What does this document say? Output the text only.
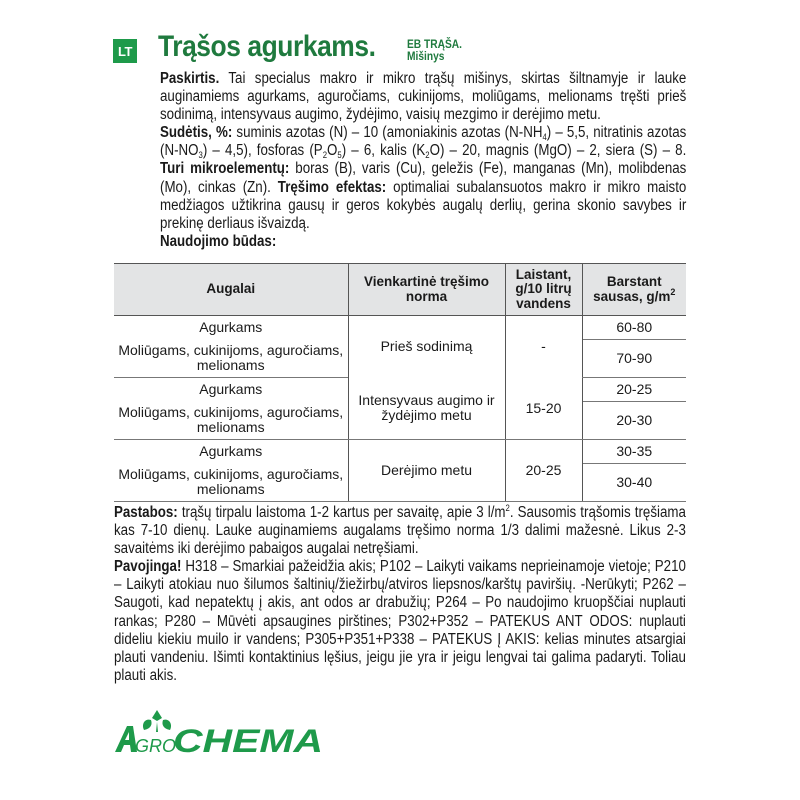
LT Trąšos agurkams.	EB TRĄŠA.
Mišinys

Paskirtis. Tai specialus makro ir mikro trąšų mišinys, skirtas šiltnamyje ir lauke auginamiems agurkams, aguročiams, cukinijoms, moliūgams, melionams tręšti prieš sodinimą, intensyvaus augimo, žydėjimo, vaisių mezgimo ir derėjimo metu.
Sudėtis, %: suminis azotas (N) – 10 (amoniakinis azotas $(N-NH_4) - 5,5$, nitratinis azotas $(N-NO_3) - 4,5$), fosforas $(P_2O_5) - 6$, kalis $(K_2O) - 20$, magnis (MgO) – 2, siera (S) – 8. Turi mikroelementų: boras (B), varis (Cu), geležis (Fe), manganas (Mn), molibdenas (Mo), cinkas (Zn). Tręšimo efektas: optimaliai subalansuotos makro ir mikro maisto medžiagos užtikrina gausų ir geros kokybės augalų derlių, gerina skonio savybes ir prekinę derliaus išvaizdą.
Naudojimo būdas:

Augalai	Vienkartinė tręšimo norma	Laistant, g/10 litrų vandens	Barstant sausas, $g/m^2$
Agurkams	Prieš sodinimą	-	60-80
Moliūgams, cukinijoms, aguročiams, melionams			70-90
Agurkams	Intensyvaus augimo ir žydėjimo metu	15-20	20-25
Moliūgams, cukinijoms, aguročiams, melionams			20-30
Agurkams	Derėjimo metu	20-25	30-35
Moliūgams, cukinijoms, aguročiams, melionams			30-40

Pastabos: trąšų tirpalu laistoma 1-2 kartus per savaitę, apie 3 $l/m^2$. Sausomis trąšomis tręšiama kas 7-10 dienų. Lauke auginamiems augalams tręšimo norma 1/3 dalimi mažesnė. Likus 2-3 savaitėms iki derėjimo pabaigos augalai netręšiami.
Pavojinga! H318 – Smarkiai pažeidžia akis; P102 – Laikyti vaikams neprieinamoje vietoje; P210 – Laikyti atokiau nuo šilumos šaltinių/žiežirbų/atviros liepsnos/karštų paviršių. -Nerūkyti; P262 – Saugoti, kad nepatektų į akis, ant odos ar drabužių; P264 – Po naudojimo kruopščiai nuplauti rankas; P280 – Mūvėti apsaugines pirštines; P302+P352 – PATEKUS ANT ODOS: nuplauti dideliu kiekiu muilo ir vandens; P305+P351+P338 – PATEKUS Į AKIS: kelias minutes atsargiai plauti vandeniu. Išimti kontaktinius lęšius, jeigu jie yra ir jeigu lengvai tai galima padaryti. Toliau plauti akis.

GRO
CHEMA
